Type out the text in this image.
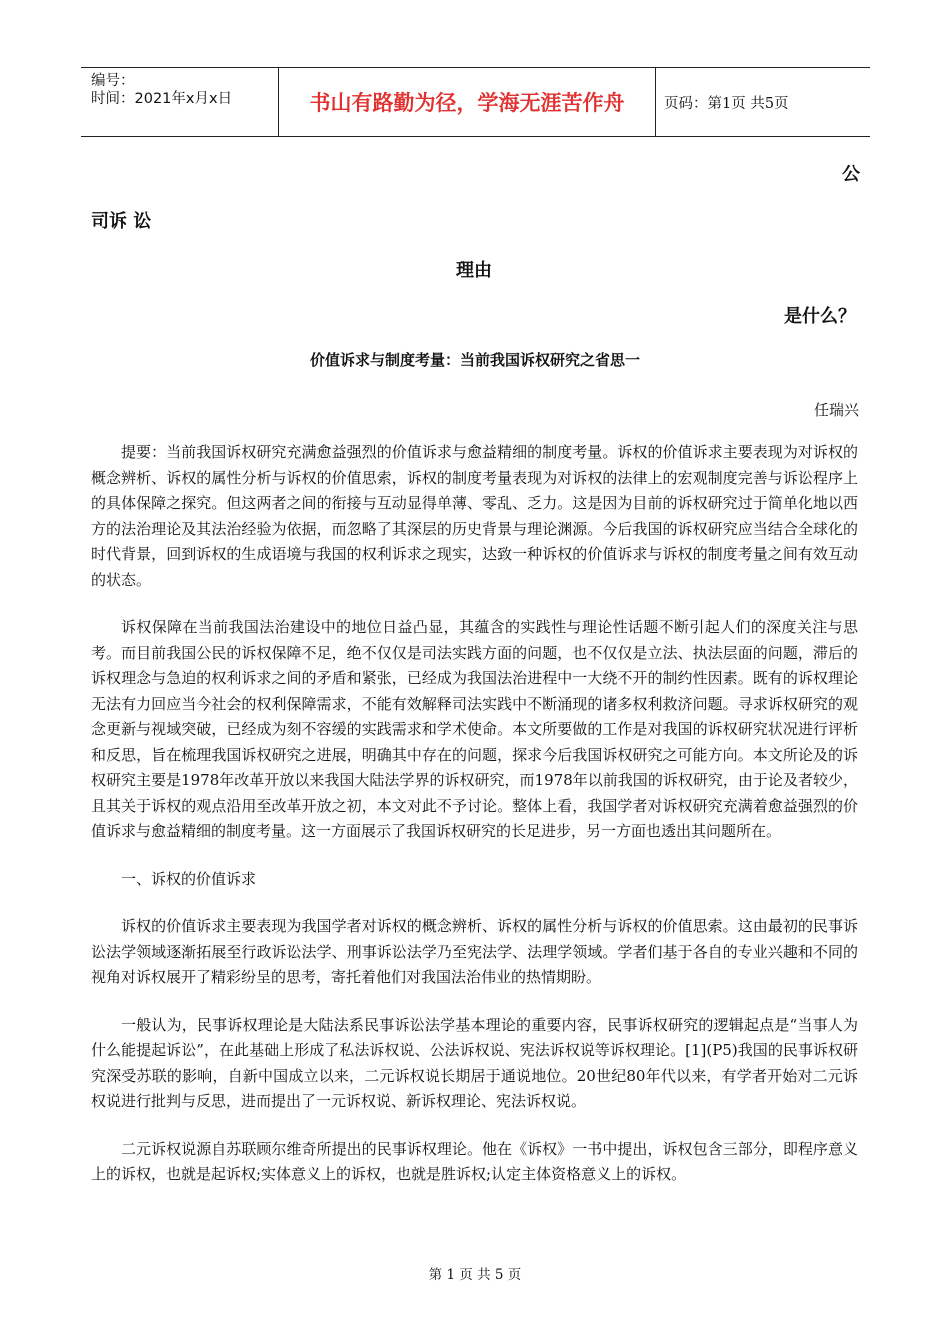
编号：
时间：2021年x月x日	书山有路勤为径，学海无涯苦作舟	页码：第1页 共5页
公
司诉 讼
理由
是什么？
价值诉求与制度考量：当前我国诉权研究之省思一
任瑞兴

提要：当前我国诉权研究充满愈益强烈的价值诉求与愈益精细的制度考量。诉权的价值诉求主要表现为对诉权的概念辨析、诉权的属性分析与诉权的价值思索，诉权的制度考量表现为对诉权的法律上的宏观制度完善与诉讼程序上的具体保障之探究。但这两者之间的衔接与互动显得单薄、零乱、乏力。这是因为目前的诉权研究过于简单化地以西方的法治理论及其法治经验为依据，而忽略了其深层的历史背景与理论渊源。今后我国的诉权研究应当结合全球化的时代背景，回到诉权的生成语境与我国的权利诉求之现实，达致一种诉权的价值诉求与诉权的制度考量之间有效互动的状态。

诉权保障在当前我国法治建设中的地位日益凸显，其蕴含的实践性与理论性话题不断引起人们的深度关注与思考。而目前我国公民的诉权保障不足，绝不仅仅是司法实践方面的问题，也不仅仅是立法、执法层面的问题，滞后的诉权理念与急迫的权利诉求之间的矛盾和紧张，已经成为我国法治进程中一大绕不开的制约性因素。既有的诉权理论无法有力回应当今社会的权利保障需求，不能有效解释司法实践中不断涌现的诸多权利救济问题。寻求诉权研究的观念更新与视域突破，已经成为刻不容缓的实践需求和学术使命。本文所要做的工作是对我国的诉权研究状况进行评析和反思，旨在梳理我国诉权研究之进展，明确其中存在的问题，探求今后我国诉权研究之可能方向。本文所论及的诉权研究主要是1978年改革开放以来我国大陆法学界的诉权研究，而1978年以前我国的诉权研究，由于论及者较少，且其关于诉权的观点沿用至改革开放之初，本文对此不予讨论。整体上看，我国学者对诉权研究充满着愈益强烈的价值诉求与愈益精细的制度考量。这一方面展示了我国诉权研究的长足进步，另一方面也透出其问题所在。

一、诉权的价值诉求

诉权的价值诉求主要表现为我国学者对诉权的概念辨析、诉权的属性分析与诉权的价值思索。这由最初的民事诉讼法学领域逐渐拓展至行政诉讼法学、刑事诉讼法学乃至宪法学、法理学领域。学者们基于各自的专业兴趣和不同的视角对诉权展开了精彩纷呈的思考，寄托着他们对我国法治伟业的热情期盼。

一般认为，民事诉权理论是大陆法系民事诉讼法学基本理论的重要内容，民事诉权研究的逻辑起点是“当事人为什么能提起诉讼”，在此基础上形成了私法诉权说、公法诉权说、宪法诉权说等诉权理论。[1](P5)我国的民事诉权研究深受苏联的影响，自新中国成立以来，二元诉权说长期居于通说地位。20世纪80年代以来，有学者开始对二元诉权说进行批判与反思，进而提出了一元诉权说、新诉权理论、宪法诉权说。

二元诉权说源自苏联顾尔维奇所提出的民事诉权理论。他在《诉权》一书中提出，诉权包含三部分，即程序意义上的诉权，也就是起诉权;实体意义上的诉权，也就是胜诉权;认定主体资格意义上的诉权。

第 1 页 共 5 页
